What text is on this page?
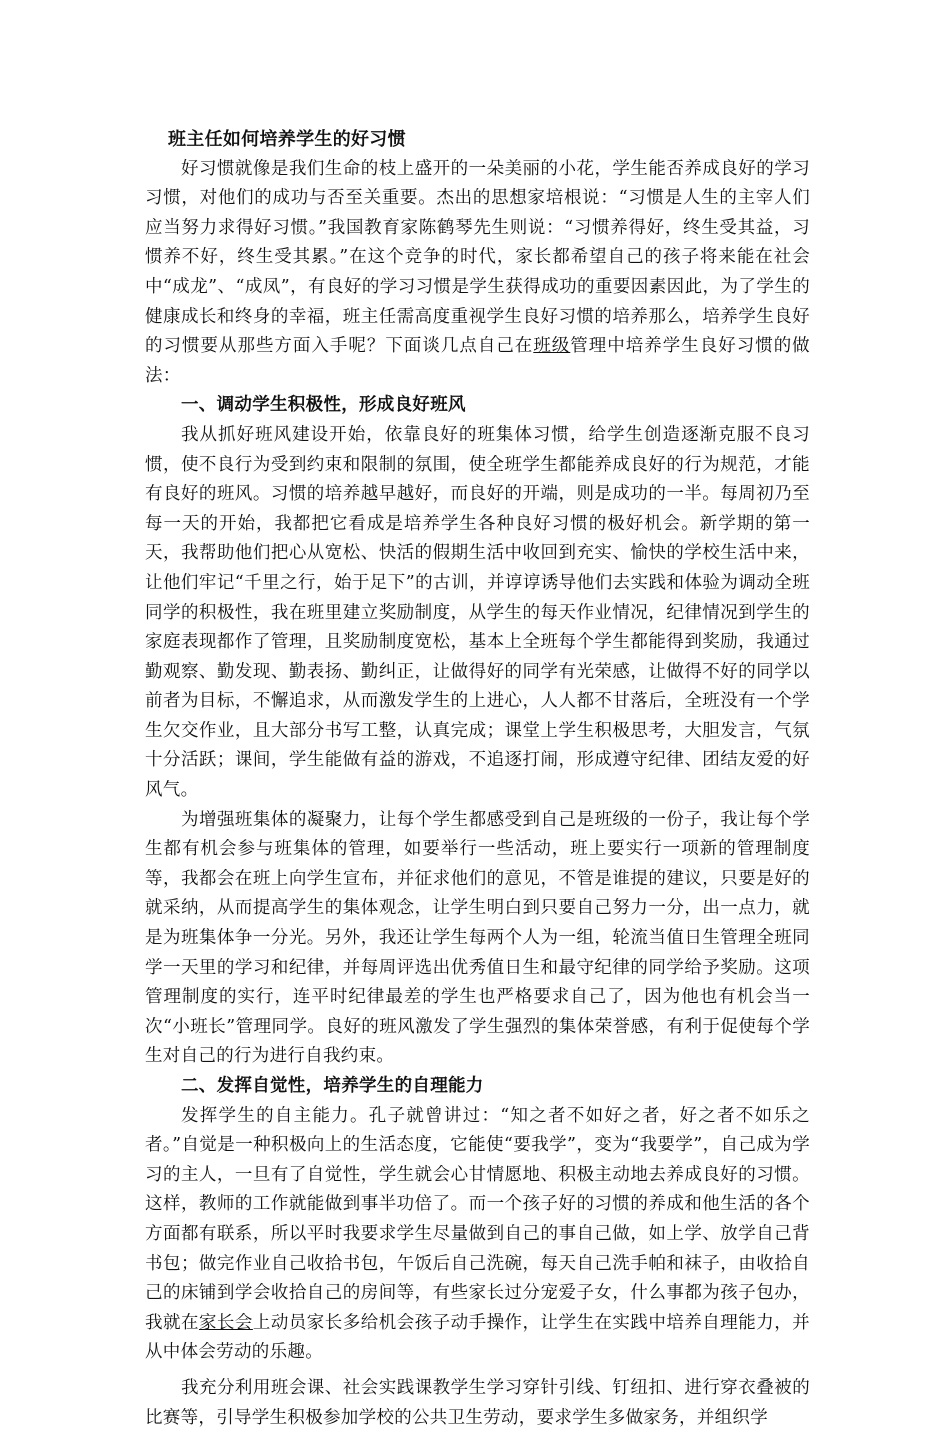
班主任如何培养学生的好习惯

好习惯就像是我们生命的枝上盛开的一朵美丽的小花，学生能否养成良好的学习习惯，对他们的成功与否至关重要。杰出的思想家培根说：“习惯是人生的主宰人们应当努力求得好习惯。”我国教育家陈鹤琴先生则说：“习惯养得好，终生受其益，习惯养不好，终生受其累。”在这个竞争的时代，家长都希望自己的孩子将来能在社会中“成龙”、“成凤”，有良好的学习习惯是学生获得成功的重要因素因此，为了学生的健康成长和终身的幸福，班主任需高度重视学生良好习惯的培养那么，培养学生良好的习惯要从那些方面入手呢？下面谈几点自己在班级管理中培养学生良好习惯的做法：

一、调动学生积极性，形成良好班风

我从抓好班风建设开始，依靠良好的班集体习惯，给学生创造逐渐克服不良习惯，使不良行为受到约束和限制的氛围，使全班学生都能养成良好的行为规范，才能有良好的班风。习惯的培养越早越好，而良好的开端，则是成功的一半。每周初乃至每一天的开始，我都把它看成是培养学生各种良好习惯的极好机会。新学期的第一天，我帮助他们把心从宽松、快活的假期生活中收回到充实、愉快的学校生活中来，让他们牢记“千里之行，始于足下”的古训，并谆谆诱导他们去实践和体验为调动全班同学的积极性，我在班里建立奖励制度，从学生的每天作业情况，纪律情况到学生的家庭表现都作了管理，且奖励制度宽松，基本上全班每个学生都能得到奖励，我通过勤观察、勤发现、勤表扬、勤纠正，让做得好的同学有光荣感，让做得不好的同学以前者为目标，不懈追求，从而激发学生的上进心，人人都不甘落后，全班没有一个学生欠交作业，且大部分书写工整，认真完成；课堂上学生积极思考，大胆发言，气氛十分活跃；课间，学生能做有益的游戏，不追逐打闹，形成遵守纪律、团结友爱的好风气。

为增强班集体的凝聚力，让每个学生都感受到自己是班级的一份子，我让每个学生都有机会参与班集体的管理，如要举行一些活动，班上要实行一项新的管理制度等，我都会在班上向学生宣布，并征求他们的意见，不管是谁提的建议，只要是好的就采纳，从而提高学生的集体观念，让学生明白到只要自己努力一分，出一点力，就是为班集体争一分光。另外，我还让学生每两个人为一组，轮流当值日生管理全班同学一天里的学习和纪律，并每周评选出优秀值日生和最守纪律的同学给予奖励。这项管理制度的实行，连平时纪律最差的学生也严格要求自己了，因为他也有机会当一次“小班长”管理同学。良好的班风激发了学生强烈的集体荣誉感，有利于促使每个学生对自己的行为进行自我约束。

二、发挥自觉性，培养学生的自理能力

发挥学生的自主能力。孔子就曾讲过：“知之者不如好之者，好之者不如乐之者。”自觉是一种积极向上的生活态度，它能使“要我学”，变为“我要学”，自己成为学习的主人，一旦有了自觉性，学生就会心甘情愿地、积极主动地去养成良好的习惯。这样，教师的工作就能做到事半功倍了。而一个孩子好的习惯的养成和他生活的各个方面都有联系，所以平时我要求学生尽量做到自己的事自己做，如上学、放学自己背书包；做完作业自己收拾书包，午饭后自己洗碗，每天自己洗手帕和袜子，由收拾自己的床铺到学会收拾自己的房间等，有些家长过分宠爱子女，什么事都为孩子包办，我就在家长会上动员家长多给机会孩子动手操作，让学生在实践中培养自理能力，并从中体会劳动的乐趣。

我充分利用班会课、社会实践课教学生学习穿针引线、钉纽扣、进行穿衣叠被的比赛等，引导学生积极参加学校的公共卫生劳动，要求学生多做家务，并组织学
